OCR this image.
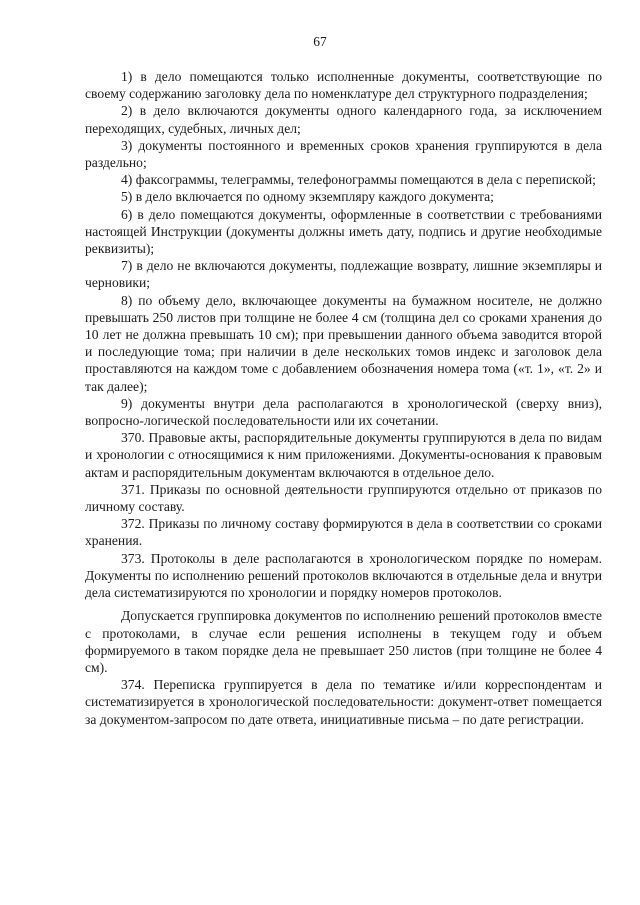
67

1) в дело помещаются только исполненные документы, соответствующие по своему содержанию заголовку дела по номенклатуре дел структурного подразделения;

2) в дело включаются документы одного календарного года, за исключением переходящих, судебных, личных дел;

3) документы постоянного и временных сроков хранения группируются в дела раздельно;

4) факсограммы, телеграммы, телефонограммы помещаются в дела с перепиской;

5) в дело включается по одному экземпляру каждого документа;

6) в дело помещаются документы, оформленные в соответствии с требованиями настоящей Инструкции (документы должны иметь дату, подпись и другие необходимые реквизиты);

7) в дело не включаются документы, подлежащие возврату, лишние экземпляры и черновики;

8) по объему дело, включающее документы на бумажном носителе, не должно превышать 250 листов при толщине не более 4 см (толщина дел со сроками хранения до 10 лет не должна превышать 10 см); при превышении данного объема заводится второй и последующие тома; при наличии в деле нескольких томов индекс и заголовок дела проставляются на каждом томе с добавлением обозначения номера тома («т. 1», «т. 2» и так далее);

9) документы внутри дела располагаются в хронологической (сверху вниз), вопросно-логической последовательности или их сочетании.

370. Правовые акты, распорядительные документы группируются в дела по видам и хронологии с относящимися к ним приложениями. Документы-основания к правовым актам и распорядительным документам включаются в отдельное дело.

371. Приказы по основной деятельности группируются отдельно от приказов по личному составу.

372. Приказы по личному составу формируются в дела в соответствии со сроками хранения.

373. Протоколы в деле располагаются в хронологическом порядке по номерам. Документы по исполнению решений протоколов включаются в отдельные дела и внутри дела систематизируются по хронологии и порядку номеров протоколов.

Допускается группировка документов по исполнению решений протоколов вместе с протоколами, в случае если решения исполнены в текущем году и объем формируемого в таком порядке дела не превышает 250 листов (при толщине не более 4 см).

374. Переписка группируется в дела по тематике и/или корреспондентам и систематизируется в хронологической последовательности: документ-ответ помещается за документом-запросом по дате ответа, инициативные письма – по дате регистрации.
